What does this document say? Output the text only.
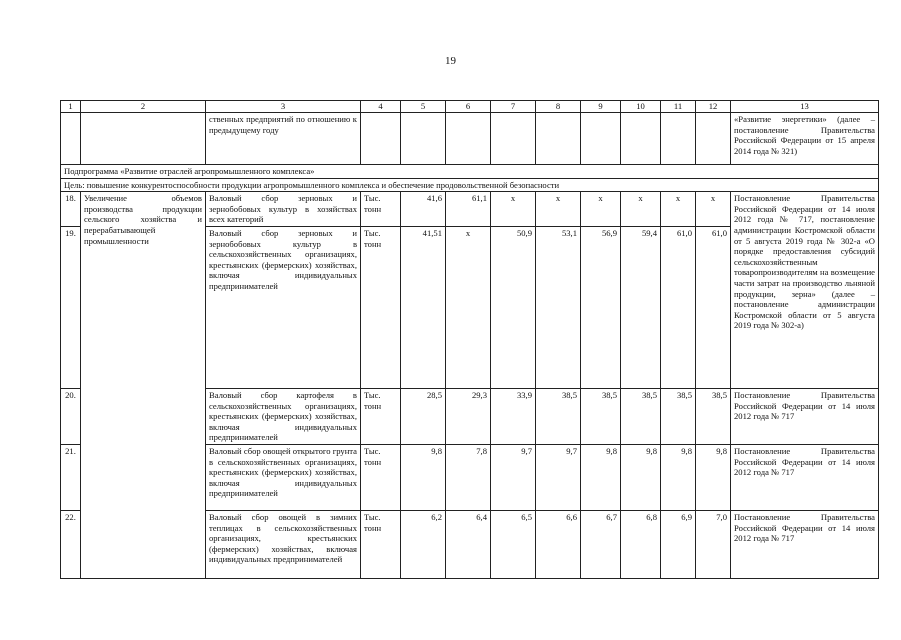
19
1	2	3	4	5	6	7	8	9	10	11	12	13
		ственных предприятий по отношению к предыдущему году										«Развитие энергетики» (далее – постановление Правительства Российской Федерации от 15 апреля 2014 года № 321)
Подпрограмма «Развитие отраслей агропромышленного комплекса»												
Цель: повышение конкурентоспособности продукции агропромышленного комплекса и обеспечение продовольственной безопасности												
18.	Увеличение объемов производства продукции сельского хозяйства и перерабатывающей промышленности	Валовый сбор зерновых и зернобобовых культур в хозяйствах всех категорий	Тыс. тонн	41,6	61,1	х	х	х	х	х	х	Постановление Правительства Российской Федерации от 14 июля 2012 года № 717, постановление администрации Костромской области от 5 августа 2019 года № 302-а «О порядке предоставления субсидий сельскохозяйственным товаропроизводителям на возмещение части затрат на производство льняной продукции, зерна» (далее – постановление администрации Костромской области от 5 августа 2019 года № 302-а)
19.		Валовый сбор зерновых и зернобобовых культур в сельскохозяйственных организациях, крестьянских (фермерских) хозяйствах, включая индивидуальных предпринимателей	Тыс. тонн	41,51	х	50,9	53,1	56,9	59,4	61,0	61,0	
20.		Валовый сбор картофеля в сельскохозяйственных организациях, крестьянских (фермерских) хозяйствах, включая индивидуальных предпринимателей	Тыс. тонн	28,5	29,3	33,9	38,5	38,5	38,5	38,5	38,5	Постановление Правительства Российской Федерации от 14 июля 2012 года № 717
21.		Валовый сбор овощей открытого грунта в сельскохозяйственных организациях, крестьянских (фермерских) хозяйствах, включая индивидуальных предпринимателей	Тыс. тонн	9,8	7,8	9,7	9,7	9,8	9,8	9,8	9,8	Постановление Правительства Российской Федерации от 14 июля 2012 года № 717
22.		Валовый сбор овощей в зимних теплицах в сельскохозяйственных организациях, крестьянских (фермерских) хозяйствах, включая индивидуальных предпринимателей	Тыс. тонн	6,2	6,4	6,5	6,6	6,7	6,8	6,9	7,0	Постановление Правительства Российской Федерации от 14 июля 2012 года № 717
